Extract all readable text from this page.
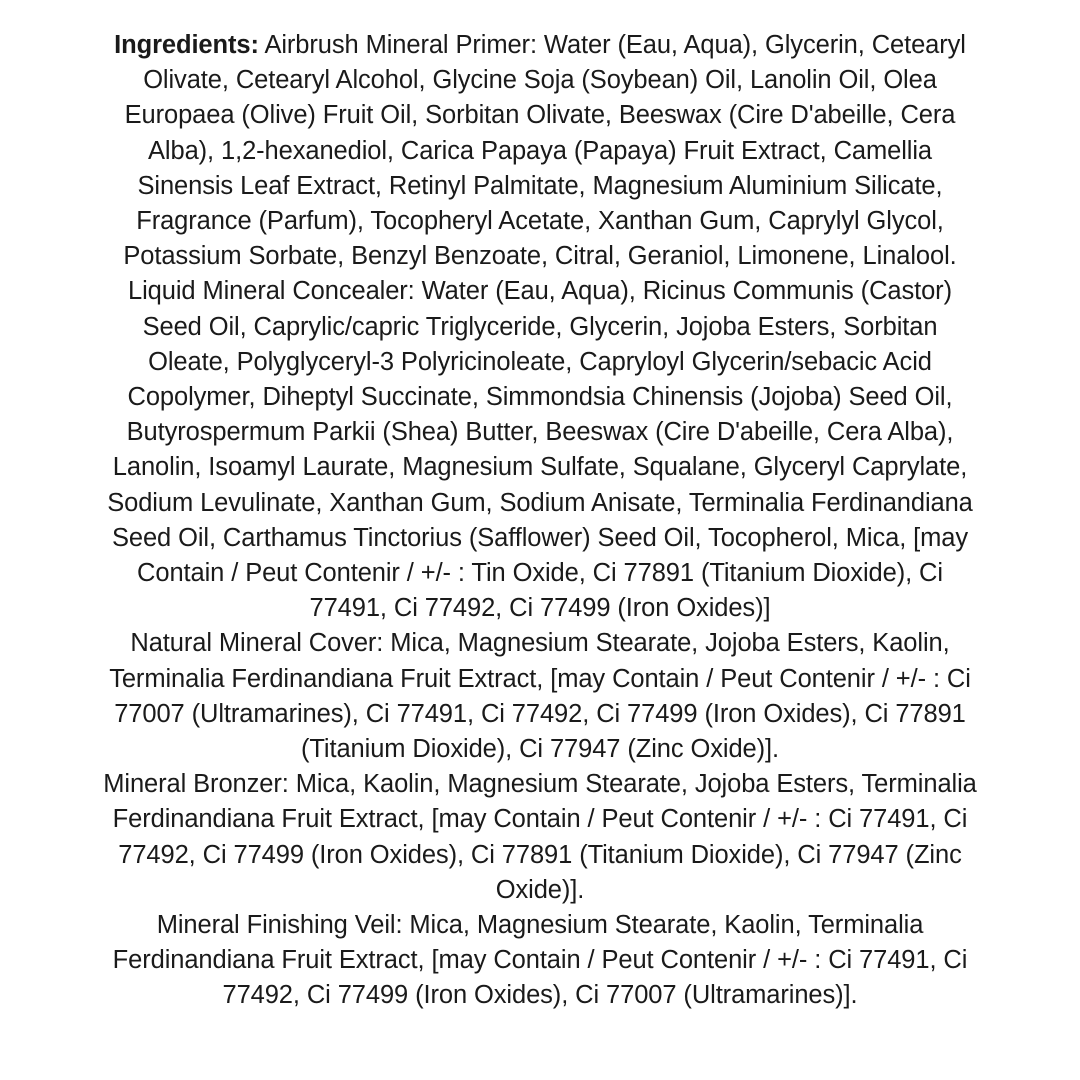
Ingredients: Airbrush Mineral Primer: Water (Eau, Aqua), Glycerin, Cetearyl Olivate, Cetearyl Alcohol, Glycine Soja (Soybean) Oil, Lanolin Oil, Olea Europaea (Olive) Fruit Oil, Sorbitan Olivate, Beeswax (Cire D'abeille, Cera Alba), 1,2-hexanediol, Carica Papaya (Papaya) Fruit Extract, Camellia Sinensis Leaf Extract, Retinyl Palmitate, Magnesium Aluminium Silicate, Fragrance (Parfum), Tocopheryl Acetate, Xanthan Gum, Caprylyl Glycol, Potassium Sorbate, Benzyl Benzoate, Citral, Geraniol, Limonene, Linalool.

Liquid Mineral Concealer: Water (Eau, Aqua), Ricinus Communis (Castor) Seed Oil, Caprylic/capric Triglyceride, Glycerin, Jojoba Esters, Sorbitan Oleate, Polyglyceryl-3 Polyricinoleate, Capryloyl Glycerin/sebacic Acid Copolymer, Diheptyl Succinate, Simmondsia Chinensis (Jojoba) Seed Oil, Butyrospermum Parkii (Shea) Butter, Beeswax (Cire D'abeille, Cera Alba), Lanolin, Isoamyl Laurate, Magnesium Sulfate, Squalane, Glyceryl Caprylate, Sodium Levulinate, Xanthan Gum, Sodium Anisate, Terminalia Ferdinandiana Seed Oil, Carthamus Tinctorius (Safflower) Seed Oil, Tocopherol, Mica, [may Contain / Peut Contenir / +/- : Tin Oxide, Ci 77891 (Titanium Dioxide), Ci 77491, Ci 77492, Ci 77499 (Iron Oxides)]

Natural Mineral Cover: Mica, Magnesium Stearate, Jojoba Esters, Kaolin, Terminalia Ferdinandiana Fruit Extract, [may Contain / Peut Contenir / +/- : Ci 77007 (Ultramarines), Ci 77491, Ci 77492, Ci 77499 (Iron Oxides), Ci 77891 (Titanium Dioxide), Ci 77947 (Zinc Oxide)].

Mineral Bronzer: Mica, Kaolin, Magnesium Stearate, Jojoba Esters, Terminalia Ferdinandiana Fruit Extract, [may Contain / Peut Contenir / +/- : Ci 77491, Ci 77492, Ci 77499 (Iron Oxides), Ci 77891 (Titanium Dioxide), Ci 77947 (Zinc Oxide)].

Mineral Finishing Veil: Mica, Magnesium Stearate, Kaolin, Terminalia Ferdinandiana Fruit Extract, [may Contain / Peut Contenir / +/- : Ci 77491, Ci 77492, Ci 77499 (Iron Oxides), Ci 77007 (Ultramarines)].
